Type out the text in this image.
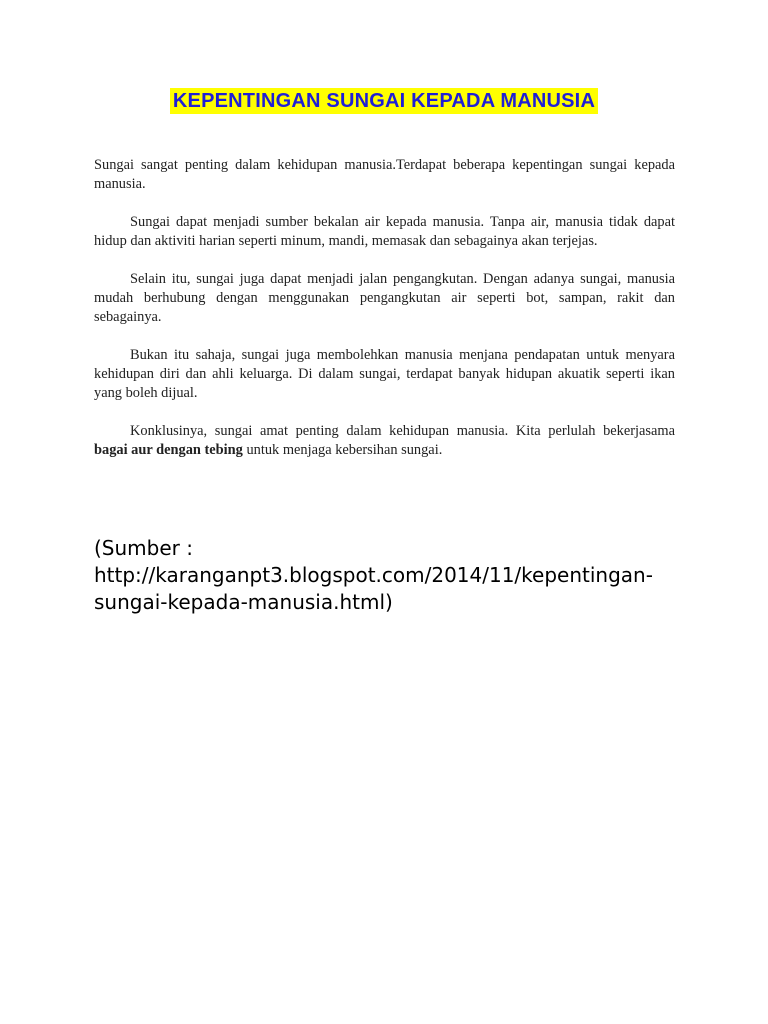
KEPENTINGAN SUNGAI KEPADA MANUSIA

Sungai sangat penting dalam kehidupan manusia.Terdapat beberapa kepentingan sungai kepada manusia.

Sungai dapat menjadi sumber bekalan air kepada manusia. Tanpa air, manusia tidak dapat hidup dan aktiviti harian seperti minum, mandi, memasak dan sebagainya akan terjejas.

Selain itu, sungai juga dapat menjadi jalan pengangkutan. Dengan adanya sungai, manusia mudah berhubung dengan menggunakan pengangkutan air seperti bot, sampan, rakit dan sebagainya.

Bukan itu sahaja, sungai juga membolehkan manusia menjana pendapatan untuk menyara kehidupan diri dan ahli keluarga. Di dalam sungai, terdapat banyak hidupan akuatik seperti ikan yang boleh dijual.

Konklusinya, sungai amat penting dalam kehidupan manusia. Kita perlulah bekerjasama bagai aur dengan tebing untuk menjaga kebersihan sungai.

(Sumber :
http://karanganpt3.blogspot.com/2014/11/kepentingan-
sungai-kepada-manusia.html)
